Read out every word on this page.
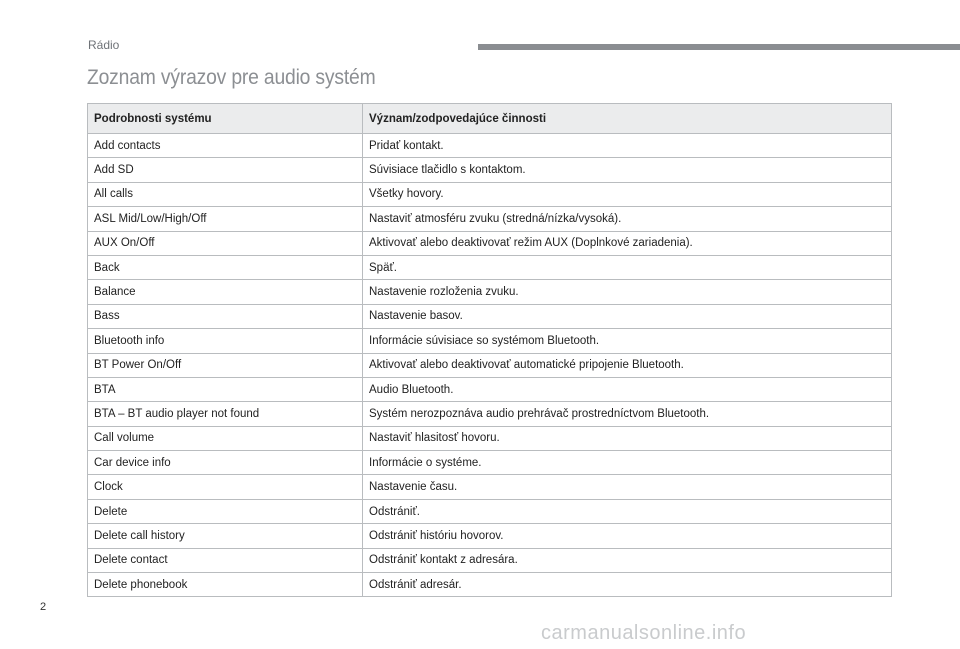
Rádio
Zoznam výrazov pre audio systém
Podrobnosti systému	Význam/zodpovedajúce činnosti
Add contacts	Pridať kontakt.
Add SD	Súvisiace tlačidlo s kontaktom.
All calls	Všetky hovory.
ASL Mid/Low/High/Off	Nastaviť atmosféru zvuku (stredná/nízka/vysoká).
AUX On/Off	Aktivovať alebo deaktivovať režim AUX (Doplnkové zariadenia).
Back	Späť.
Balance	Nastavenie rozloženia zvuku.
Bass	Nastavenie basov.
Bluetooth info	Informácie súvisiace so systémom Bluetooth.
BT Power On/Off	Aktivovať alebo deaktivovať automatické pripojenie Bluetooth.
BTA	Audio Bluetooth.
BTA – BT audio player not found	Systém nerozpoznáva audio prehrávač prostredníctvom Bluetooth.
Call volume	Nastaviť hlasitosť hovoru.
Car device info	Informácie o systéme.
Clock	Nastavenie času.
Delete	Odstrániť.
Delete call history	Odstrániť históriu hovorov.
Delete contact	Odstrániť kontakt z adresára.
Delete phonebook	Odstrániť adresár.
2
carmanualsonline.info
